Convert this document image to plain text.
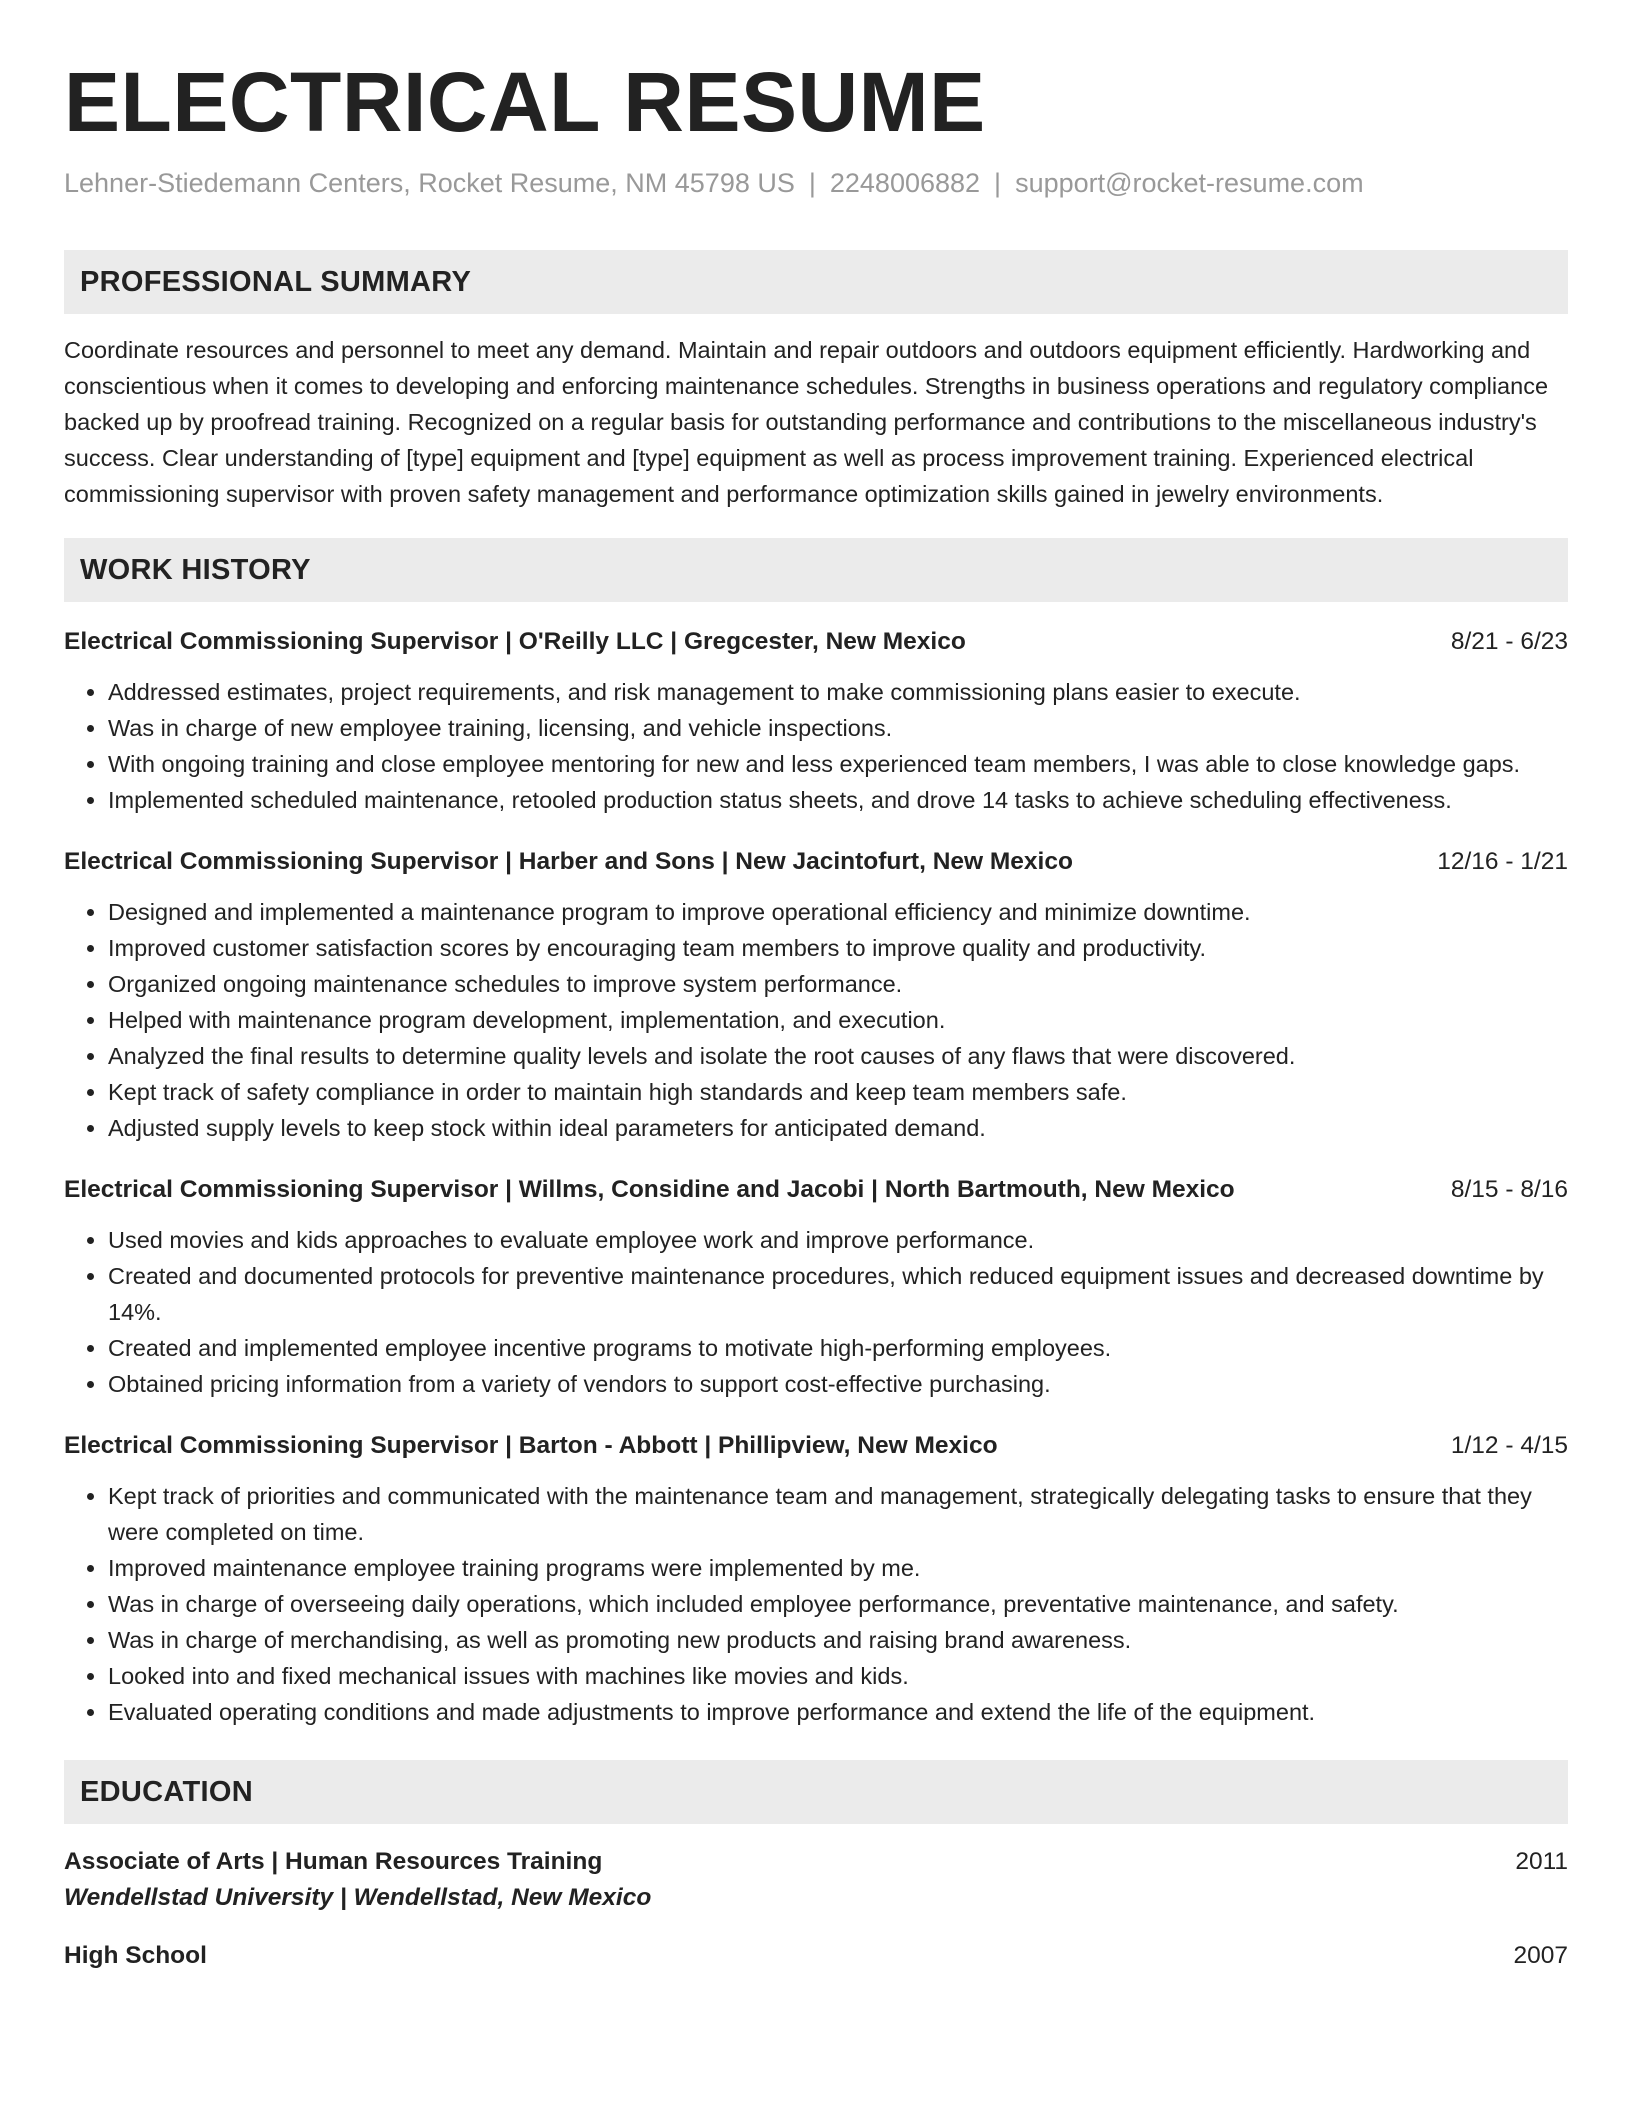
ELECTRICAL RESUME
Lehner-Stiedemann Centers, Rocket Resume, NM 45798 US | 2248006882 | support@rocket-resume.com
PROFESSIONAL SUMMARY

Coordinate resources and personnel to meet any demand. Maintain and repair outdoors and outdoors equipment efficiently. Hardworking and conscientious when it comes to developing and enforcing maintenance schedules. Strengths in business operations and regulatory compliance backed up by proofread training. Recognized on a regular basis for outstanding performance and contributions to the miscellaneous industry's success. Clear understanding of [type] equipment and [type] equipment as well as process improvement training. Experienced electrical commissioning supervisor with proven safety management and performance optimization skills gained in jewelry environments.

WORK HISTORY
Electrical Commissioning Supervisor | O'Reilly LLC | Gregcester, New Mexico	8/21 - 6/23
• Addressed estimates, project requirements, and risk management to make commissioning plans easier to execute.
• Was in charge of new employee training, licensing, and vehicle inspections.
• With ongoing training and close employee mentoring for new and less experienced team members, I was able to close knowledge gaps.
• Implemented scheduled maintenance, retooled production status sheets, and drove 14 tasks to achieve scheduling effectiveness.
Electrical Commissioning Supervisor | Harber and Sons | New Jacintofurt, New Mexico	12/16 - 1/21
• Designed and implemented a maintenance program to improve operational efficiency and minimize downtime.
• Improved customer satisfaction scores by encouraging team members to improve quality and productivity.
• Organized ongoing maintenance schedules to improve system performance.
• Helped with maintenance program development, implementation, and execution.
• Analyzed the final results to determine quality levels and isolate the root causes of any flaws that were discovered.
• Kept track of safety compliance in order to maintain high standards and keep team members safe.
• Adjusted supply levels to keep stock within ideal parameters for anticipated demand.
Electrical Commissioning Supervisor | Willms, Considine and Jacobi | North Bartmouth, New Mexico	8/15 - 8/16
• Used movies and kids approaches to evaluate employee work and improve performance.
• Created and documented protocols for preventive maintenance procedures, which reduced equipment issues and decreased downtime by 14%.
• Created and implemented employee incentive programs to motivate high-performing employees.
• Obtained pricing information from a variety of vendors to support cost-effective purchasing.
Electrical Commissioning Supervisor | Barton - Abbott | Phillipview, New Mexico	1/12 - 4/15
• Kept track of priorities and communicated with the maintenance team and management, strategically delegating tasks to ensure that they were completed on time.
• Improved maintenance employee training programs were implemented by me.
• Was in charge of overseeing daily operations, which included employee performance, preventative maintenance, and safety.
• Was in charge of merchandising, as well as promoting new products and raising brand awareness.
• Looked into and fixed mechanical issues with machines like movies and kids.
• Evaluated operating conditions and made adjustments to improve performance and extend the life of the equipment.
EDUCATION
Associate of Arts | Human Resources Training	2011
Wendellstad University | Wendellstad, New Mexico
High School	2007
